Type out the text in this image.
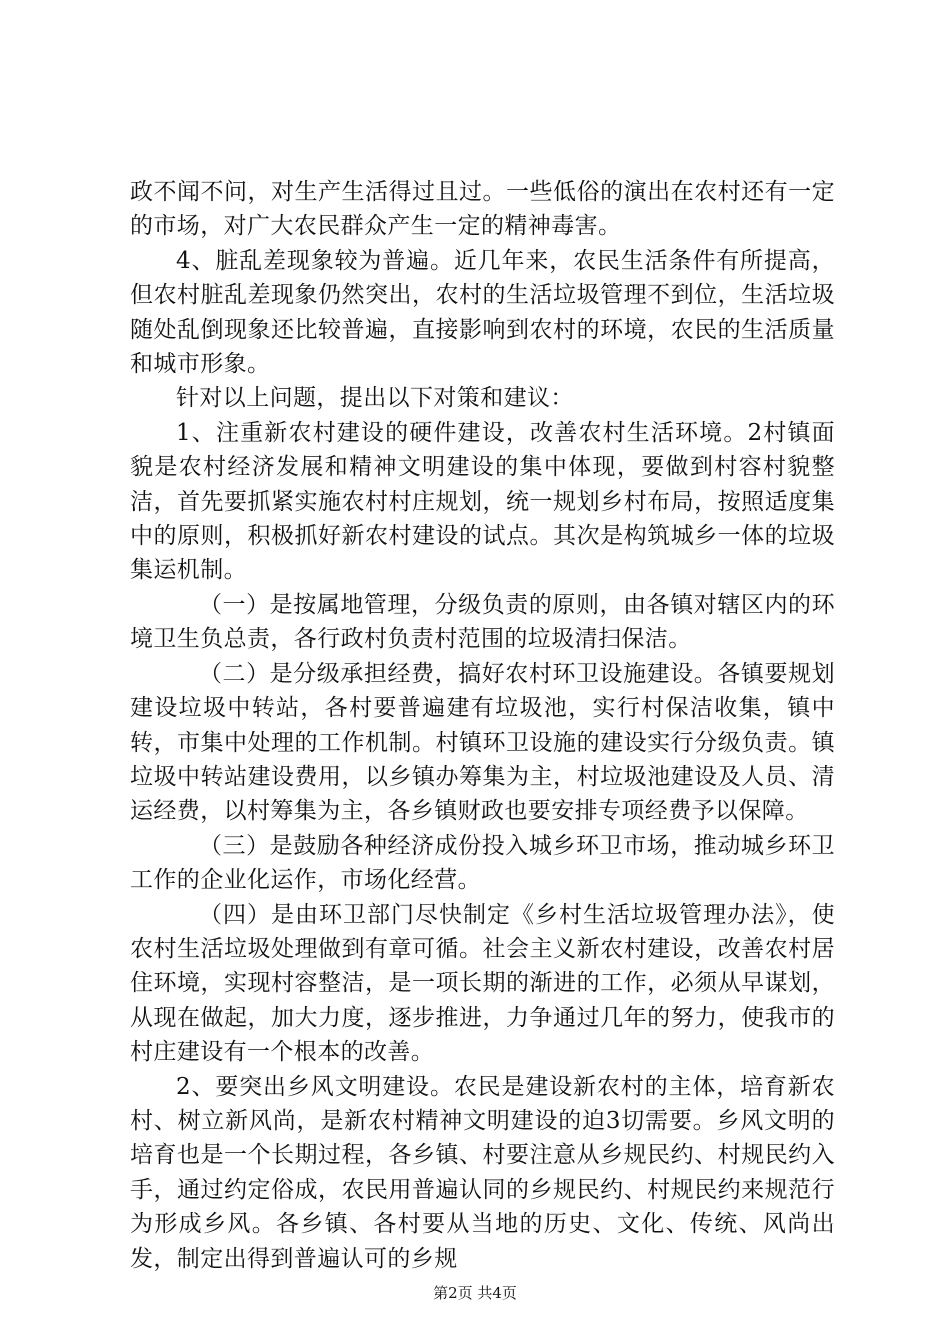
政不闻不问，对生产生活得过且过。一些低俗的演出在农村还有一定的市场，对广大农民群众产生一定的精神毒害。

4、脏乱差现象较为普遍。近几年来，农民生活条件有所提高，但农村脏乱差现象仍然突出，农村的生活垃圾管理不到位，生活垃圾随处乱倒现象还比较普遍，直接影响到农村的环境，农民的生活质量和城市形象。

针对以上问题，提出以下对策和建议：

1、注重新农村建设的硬件建设，改善农村生活环境。2村镇面貌是农村经济发展和精神文明建设的集中体现，要做到村容村貌整洁，首先要抓紧实施农村村庄规划，统一规划乡村布局，按照适度集中的原则，积极抓好新农村建设的试点。其次是构筑城乡一体的垃圾集运机制。

（一）是按属地管理，分级负责的原则，由各镇对辖区内的环境卫生负总责，各行政村负责村范围的垃圾清扫保洁。

（二）是分级承担经费，搞好农村环卫设施建设。各镇要规划建设垃圾中转站，各村要普遍建有垃圾池，实行村保洁收集，镇中转，市集中处理的工作机制。村镇环卫设施的建设实行分级负责。镇垃圾中转站建设费用，以乡镇办筹集为主，村垃圾池建设及人员、清运经费，以村筹集为主，各乡镇财政也要安排专项经费予以保障。

（三）是鼓励各种经济成份投入城乡环卫市场，推动城乡环卫工作的企业化运作，市场化经营。

（四）是由环卫部门尽快制定《乡村生活垃圾管理办法》，使农村生活垃圾处理做到有章可循。社会主义新农村建设，改善农村居住环境，实现村容整洁，是一项长期的渐进的工作，必须从早谋划，从现在做起，加大力度，逐步推进，力争通过几年的努力，使我市的村庄建设有一个根本的改善。

2、要突出乡风文明建设。农民是建设新农村的主体，培育新农村、树立新风尚，是新农村精神文明建设的迫3切需要。乡风文明的培育也是一个长期过程，各乡镇、村要注意从乡规民约、村规民约入手，通过约定俗成，农民用普遍认同的乡规民约、村规民约来规范行为形成乡风。各乡镇、各村要从当地的历史、文化、传统、风尚出发，制定出得到普遍认可的乡规

第2页 共4页
